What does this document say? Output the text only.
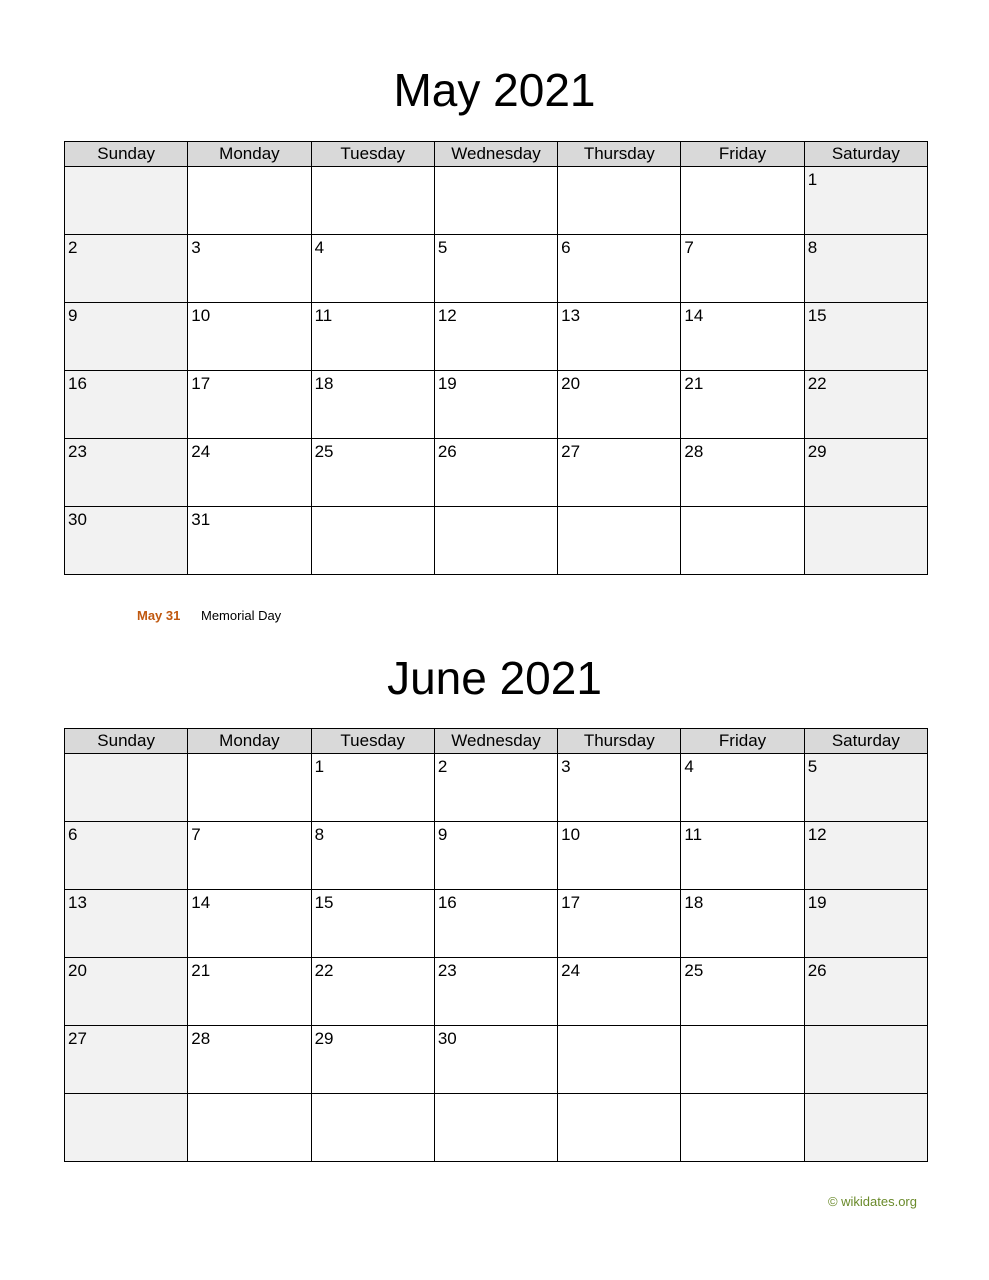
May 2021
Sunday	Monday	Tuesday	Wednesday	Thursday	Friday	Saturday
						1
2	3	4	5	6	7	8
9	10	11	12	13	14	15
16	17	18	19	20	21	22
23	24	25	26	27	28	29
30	31					
May 31 Memorial Day
June 2021
Sunday	Monday	Tuesday	Wednesday	Thursday	Friday	Saturday
		1	2	3	4	5
6	7	8	9	10	11	12
13	14	15	16	17	18	19
20	21	22	23	24	25	26
27	28	29	30			

© wikidates.org
